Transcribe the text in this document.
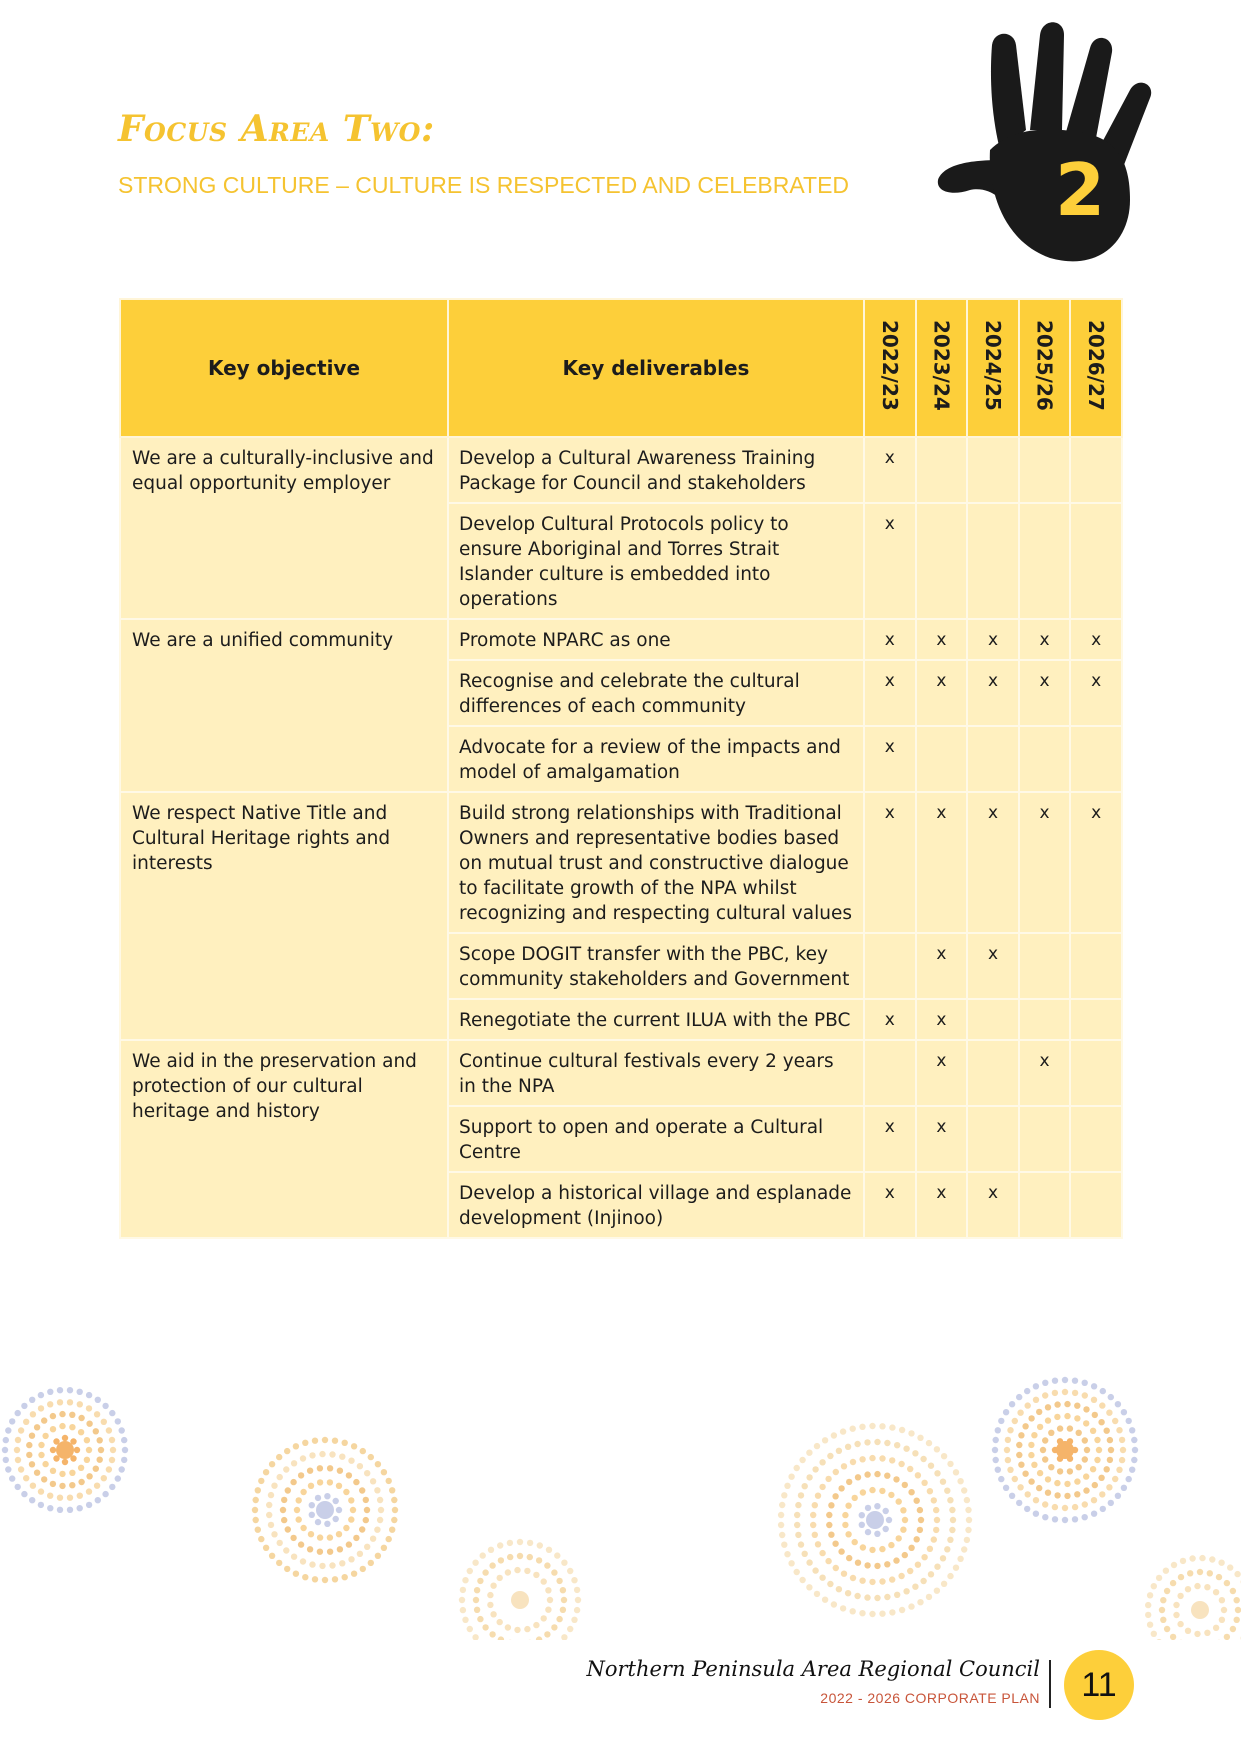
Focus Area Two:
STRONG CULTURE – CULTURE IS RESPECTED AND CELEBRATED	2
Key objective	Key deliverables	2022/23	2023/24	2024/25	2025/26	2026/27
We are a culturally-inclusive and equal opportunity employer	Develop a Cultural Awareness Training Package for Council and stakeholders	x				
	Develop Cultural Protocols policy to ensure Aboriginal and Torres Strait Islander culture is embedded into operations	x				
We are a unified community	Promote NPARC as one	x	x	x	x	x
	Recognise and celebrate the cultural differences of each community	x	x	x	x	x
	Advocate for a review of the impacts and model of amalgamation	x				
We respect Native Title and Cultural Heritage rights and interests	Build strong relationships with Traditional Owners and representative bodies based on mutual trust and constructive dialogue to facilitate growth of the NPA whilst recognizing and respecting cultural values	x	x	x	x	x
	Scope DOGIT transfer with the PBC, key community stakeholders and Government		x	x		
	Renegotiate the current ILUA with the PBC	x	x			
We aid in the preservation and protection of our cultural heritage and history	Continue cultural festivals every 2 years in the NPA		x		x	
	Support to open and operate a Cultural Centre	x	x			
	Develop a historical village and esplanade development (Injinoo)	x	x	x		
Northern Peninsula Area Regional Council
2022 - 2026 CORPORATE PLAN	11
